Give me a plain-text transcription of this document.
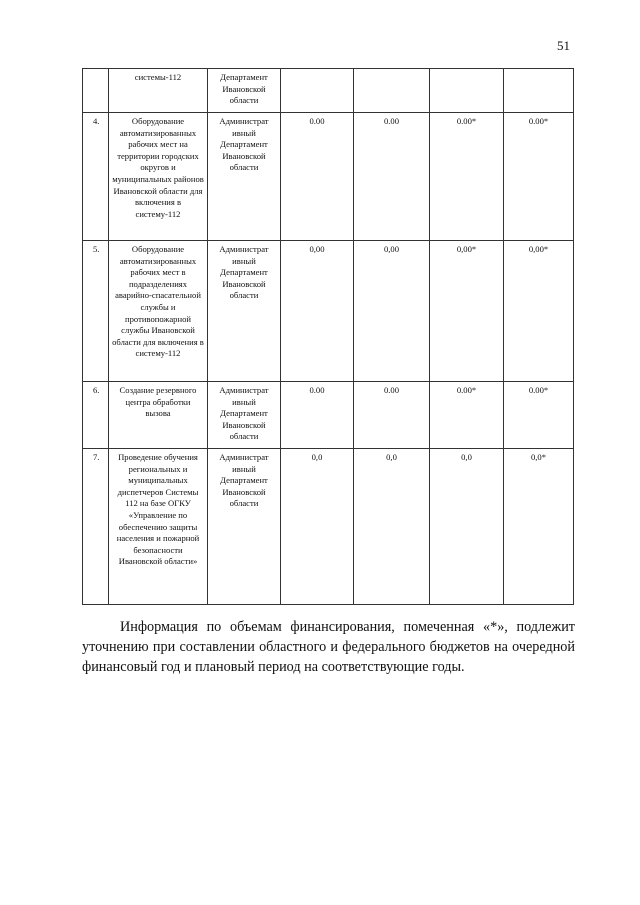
51
	системы-112	Департамент Ивановской области				
4.	Оборудование автоматизированных рабочих мест на территории городских округов и муниципальных районов Ивановской области для включения в систему-112	Администрат ивный Департамент Ивановской области	0.00	0.00	0.00*	0.00*
5.	Оборудование автоматизированных рабочих мест в подразделениях аварийно-спасательной службы и противопожарной службы Ивановской области для включения в систему-112	Администрат ивный Департамент Ивановской области	0,00	0,00	0,00*	0,00*
6.	Создание резервного центра обработки вызова	Администрат ивный Департамент Ивановской области	0.00	0.00	0.00*	0.00*
7.	Проведение обучения региональных и муниципальных диспетчеров Системы 112 на базе ОГКУ «Управление по обеспечению защиты населения и пожарной безопасности Ивановской области»	Администрат ивный Департамент Ивановской области	0,0	0,0	0,0	0,0*
Информация по объемам финансирования, помеченная «*», подлежит уточнению при составлении областного и федерального бюджетов на очередной финансовый год и плановый период на соответствующие годы.
